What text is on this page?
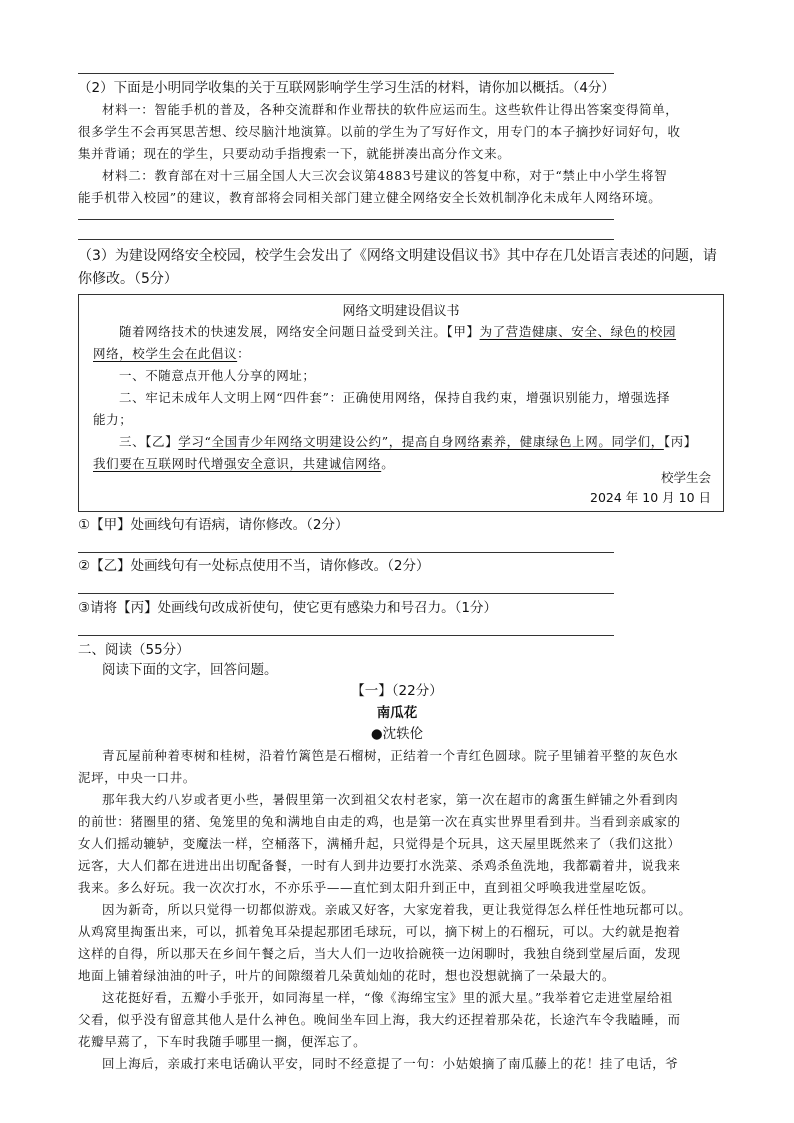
（2）下面是小明同学收集的关于互联网影响学生学习生活的材料，请你加以概括。（4分）
材料一：智能手机的普及，各种交流群和作业帮扶的软件应运而生。这些软件让得出答案变得简单，
很多学生不会再冥思苦想、绞尽脑汁地演算。以前的学生为了写好作文，用专门的本子摘抄好词好句，收
集并背诵；现在的学生，只要动动手指搜索一下，就能拼凑出高分作文来。
材料二：教育部在对十三届全国人大三次会议第4883号建议的答复中称，对于“禁止中小学生将智
能手机带入校园”的建议，教育部将会同相关部门建立健全网络安全长效机制净化未成年人网络环境。
（3）为建设网络安全校园，校学生会发出了《网络文明建设倡议书》其中存在几处语言表述的问题，请
你修改。（5分）
网络文明建设倡议书
随着网络技术的快速发展，网络安全问题日益受到关注。【甲】为了营造健康、安全、绿色的校园
网络，校学生会在此倡议：
一、不随意点开他人分享的网址；
二、牢记未成年人文明上网“四件套”：正确使用网络，保持自我约束，增强识别能力，增强选择
能力；
三、【乙】学习“全国青少年网络文明建设公约”，提高自身网络素养，健康绿色上网。同学们，【丙】
我们要在互联网时代增强安全意识，共建诚信网络。
校学生会
2024 年 10 月 10 日
①【甲】处画线句有语病，请你修改。（2分）
②【乙】处画线句有一处标点使用不当，请你修改。（2分）
③请将【丙】处画线句改成祈使句，使它更有感染力和号召力。（1分）
二、阅读（55分）
阅读下面的文字，回答问题。
【一】（22分）
南瓜花
●沈轶伦
青瓦屋前种着枣树和桂树，沿着竹篱笆是石榴树，正结着一个青红色圆球。院子里铺着平整的灰色水
泥坪，中央一口井。
那年我大约八岁或者更小些，暑假里第一次到祖父农村老家，第一次在超市的禽蛋生鲜铺之外看到肉
的前世：猪圈里的猪、兔笼里的兔和满地自由走的鸡，也是第一次在真实世界里看到井。当看到亲戚家的
女人们摇动辘轳，变魔法一样，空桶落下，满桶升起，只觉得是个玩具，这天屋里既然来了（我们这批）
远客，大人们都在进进出出切配备餐，一时有人到井边要打水洗菜、杀鸡杀鱼洗地，我都霸着井，说我来
我来。多么好玩。我一次次打水，不亦乐乎——直忙到太阳升到正中，直到祖父呼唤我进堂屋吃饭。
因为新奇，所以只觉得一切都似游戏。亲戚又好客，大家宠着我，更让我觉得怎么样任性地玩都可以。
从鸡窝里掏蛋出来，可以，抓着兔耳朵提起那团毛球玩，可以，摘下树上的石榴玩，可以。大约就是抱着
这样的自得，所以那天在乡间午餐之后，当大人们一边收拾碗筷一边闲聊时，我独自绕到堂屋后面，发现
地面上铺着绿油油的叶子，叶片的间隙缀着几朵黄灿灿的花时，想也没想就摘了一朵最大的。
这花挺好看，五瓣小手张开，如同海星一样，“像《海绵宝宝》里的派大星。”我举着它走进堂屋给祖
父看，似乎没有留意其他人是什么神色。晚间坐车回上海，我大约还捏着那朵花，长途汽车令我瞌睡，而
花瓣早蔫了，下车时我随手哪里一搁，便浑忘了。
回上海后，亲戚打来电话确认平安，同时不经意提了一句：小姑娘摘了南瓜藤上的花！挂了电话，爷
